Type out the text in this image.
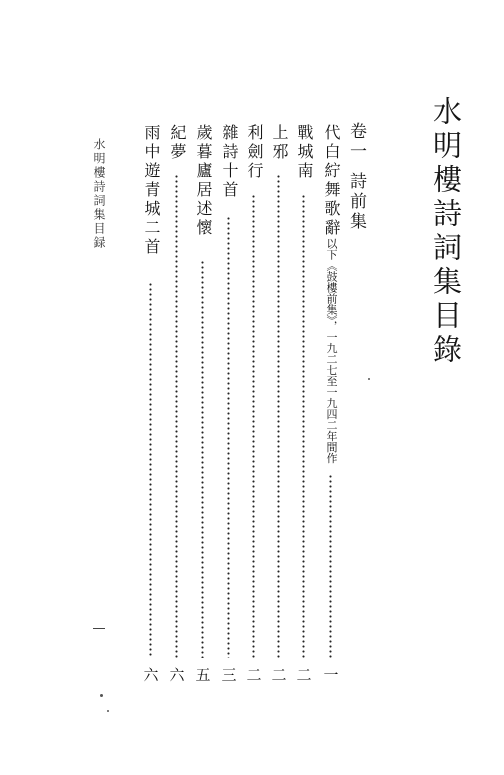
水明樓詩詞集目錄
卷一詩前集
代白紵舞歌辭以下《鼓樓前集》，一九二七至一九四二年間作
一
戰城南
二
上邪
二
利劍行
二
雜詩十首
三
歲暮廬居述懷
五
紀夢
六
雨中遊青城二首
六
水明樓詩詞集目録
